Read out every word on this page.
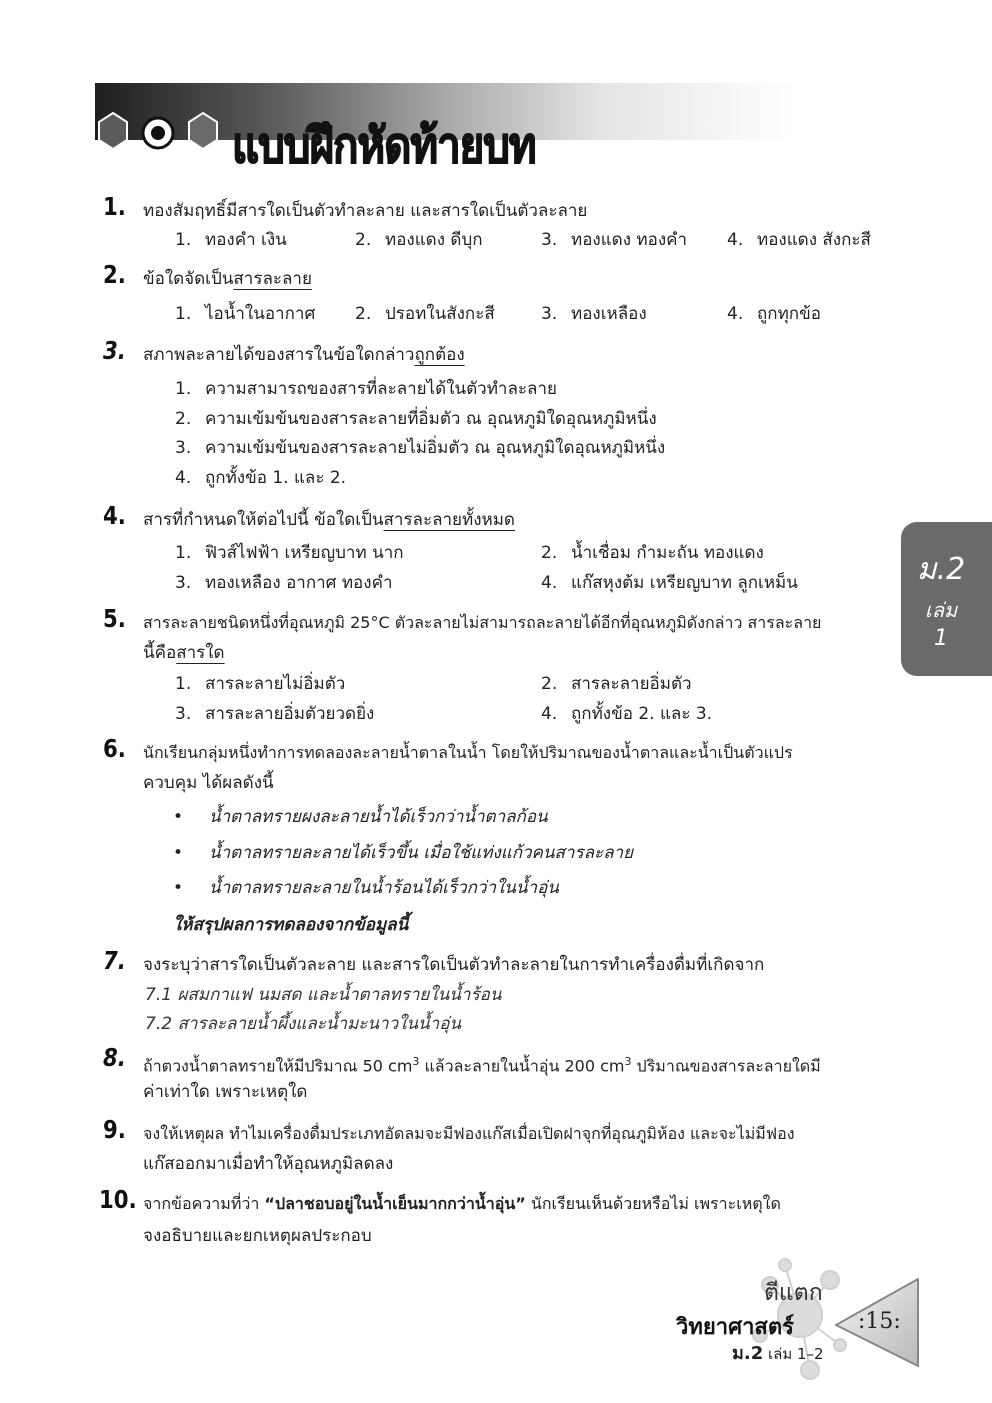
แบบฝึกหัดท้ายบท
1. ทองสัมฤทธิ์มีสารใดเป็นตัวทำละลาย และสารใดเป็นตัวละลาย
1. ทองคำ เงิน	2. ทองแดง ดีบุก	3. ทองแดง ทองคำ 4. ทองแดง สังกะสี
2. ข้อใดจัดเป็นสารละลาย
1. ไอน้ำในอากาศ 2. ปรอทในสังกะสี	3. ทองเหลือง	4. ถูกทุกข้อ
3. สภาพละลายได้ของสารในข้อใดกล่าวถูกต้อง
1. ความสามารถของสารที่ละลายได้ในตัวทำละลาย
2. ความเข้มข้นของสารละลายที่อิ่มตัว ณ อุณหภูมิใดอุณหภูมิหนึ่ง
3. ความเข้มข้นของสารละลายไม่อิ่มตัว ณ อุณหภูมิใดอุณหภูมิหนึ่ง
4. ถูกทั้งข้อ 1. และ 2.
4. สารที่กำหนดให้ต่อไปนี้ ข้อใดเป็นสารละลายทั้งหมด
1. ฟิวส์ไฟฟ้า เหรียญบาท นาก	2. น้ำเชื่อม กำมะถัน ทองแดง
3. ทองเหลือง อากาศ ทองคำ	4. แก๊สหุงต้ม เหรียญบาท ลูกเหม็น
5. สารละลายชนิดหนึ่งที่อุณหภูมิ 25°C ตัวละลายไม่สามารถละลายได้อีกที่อุณหภูมิดังกล่าว สารละลาย
นี้คือสารใด
1. สารละลายไม่อิ่มตัว	2. สารละลายอิ่มตัว
3. สารละลายอิ่มตัวยวดยิ่ง	4. ถูกทั้งข้อ 2. และ 3.
6. นักเรียนกลุ่มหนึ่งทำการทดลองละลายน้ำตาลในน้ำ โดยให้ปริมาณของน้ำตาลและน้ำเป็นตัวแปร
ควบคุม ได้ผลดังนี้
• น้ำตาลทรายผงละลายน้ำได้เร็วกว่าน้ำตาลก้อน
• น้ำตาลทรายละลายได้เร็วขึ้น เมื่อใช้แท่งแก้วคนสารละลาย
• น้ำตาลทรายละลายในน้ำร้อนได้เร็วกว่าในน้ำอุ่น
ให้สรุปผลการทดลองจากข้อมูลนี้
7. จงระบุว่าสารใดเป็นตัวละลาย และสารใดเป็นตัวทำละลายในการทำเครื่องดื่มที่เกิดจาก
7.1 ผสมกาแฟ นมสด และน้ำตาลทรายในน้ำร้อน
7.2 สารละลายน้ำผึ้งและน้ำมะนาวในน้ำอุ่น
8. ถ้าตวงน้ำตาลทรายให้มีปริมาณ 50 $cm^3$ แล้วละลายในน้ำอุ่น 200 $cm^3$ ปริมาณของสารละลายใดมี
ค่าเท่าใด เพราะเหตุใด
9. จงให้เหตุผล ทำไมเครื่องดื่มประเภทอัดลมจะมีฟองแก๊สเมื่อเปิดฝาจุกที่อุณภูมิห้อง และจะไม่มีฟอง
แก๊สออกมาเมื่อทำให้อุณหภูมิลดลง
10. จากข้อความที่ว่า “ปลาชอบอยู่ในน้ำเย็นมากกว่าน้ำอุ่น” นักเรียนเห็นด้วยหรือไม่ เพราะเหตุใด
จงอธิบายและยกเหตุผลประกอบ
ม.2
เล่ม
1
ตีแตก
วิทยาศาสตร์
ม.2 เล่ม 1–2
:15:
